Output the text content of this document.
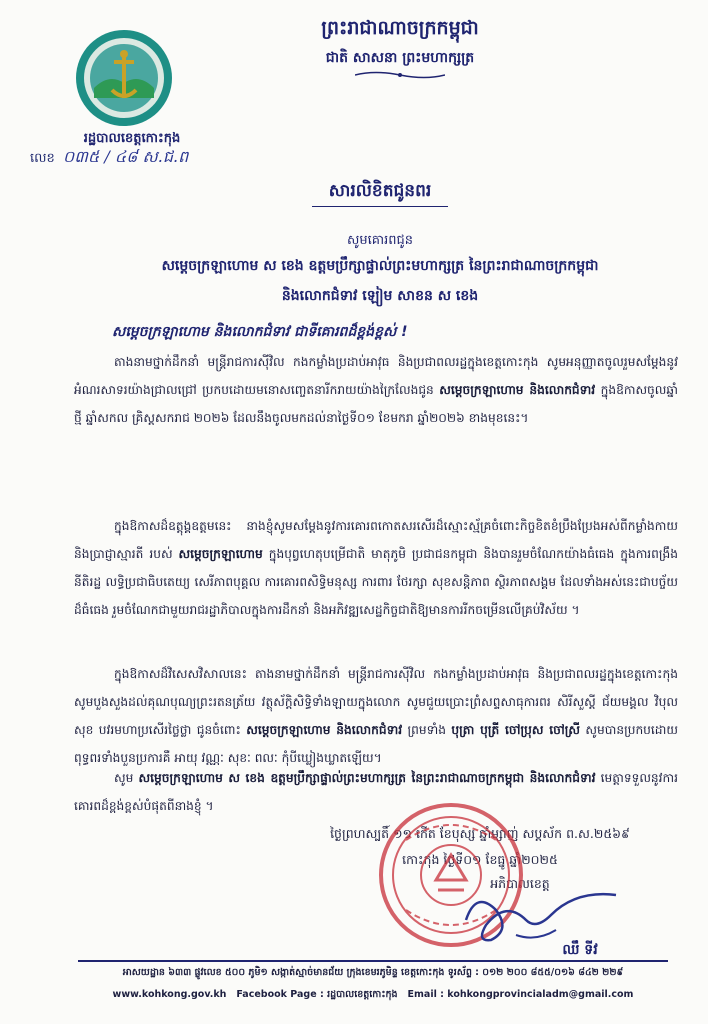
ព្រះរាជាណាចក្រកម្ពុជា
ជាតិ សាសនា ព្រះមហាក្សត្រ
រដ្ឋបាលខេត្តកោះកុង
លេខ ០៣៥ / ៤៨ ស.ជ.ព
សារលិខិតជូនពរ
សូមគោរពជូន
សម្តេចក្រឡាហោម ស ខេង ឧត្តមប្រឹក្សាផ្ទាល់ព្រះមហាក្សត្រ នៃព្រះរាជាណាចក្រកម្ពុជា
និងលោកជំទាវ ឡៀម សាខន ស ខេង
សម្តេចក្រឡាហោម និងលោកជំទាវ ជាទីគោរពដ៏ខ្ពង់ខ្ពស់ !
តាងនាមថ្នាក់ដឹកនាំ មន្ត្រីរាជការស៊ីវិល កងកម្លាំងប្រដាប់អាវុធ និងប្រជាពលរដ្ឋក្នុងខេត្តកោះកុង សូមអនុញ្ញាតចូលរួមសម្តែងនូវអំណរសាទរយ៉ាងជ្រាលជ្រៅ ប្រកបដោយមនោសញ្ចេតនារីករាយយ៉ាងក្រៃលែងជូន សម្តេចក្រឡាហោម និងលោកជំទាវ ក្នុងឱកាសចូលឆ្នាំថ្មី ឆ្នាំសកល គ្រិស្តសករាជ ២០២៦ ដែលនឹងចូលមកដល់នាថ្ងៃទី០១ ខែមករា ឆ្នាំ២០២៦ ខាងមុខនេះ។
ក្នុងឱកាសដ៏ឧត្តុង្គឧត្តមនេះ នាងខ្ញុំសូមសម្តែងនូវការគោរពកោតសរសើរដ៏ស្មោះស្ម័គ្រចំពោះកិច្ចខិតខំប្រឹងប្រែងអស់ពីកម្លាំងកាយ និងប្រាជ្ញាស្មារតី របស់ សម្តេចក្រឡាហោម ក្នុងបុព្វហេតុបម្រើជាតិ មាតុភូមិ ប្រជាជនកម្ពុជា និងបានរួមចំណែកយ៉ាងធំធេង ក្នុងការពង្រឹងនីតិរដ្ឋ លទ្ធិប្រជាធិបតេយ្យ សេរីភាពបុគ្គល ការគោរពសិទ្ធិមនុស្ស ការពារ ថែរក្សា សុខសន្តិភាព ស្ថិរភាពសង្គម ដែលទាំងអស់នេះជាបច្ច័យដ៏ធំធេង រួមចំណែកជាមួយរាជរដ្ឋាភិបាលក្នុងការដឹកនាំ និងអភិវឌ្ឍសេដ្ឋកិច្ចជាតិឱ្យមានការរីកចម្រើនលើគ្រប់វិស័យ ។
ក្នុងឱកាសដ៏វិសេសវិសាលនេះ តាងនាមថ្នាក់ដឹកនាំ មន្ត្រីរាជការស៊ីវិល កងកម្លាំងប្រដាប់អាវុធ និងប្រជាពលរដ្ឋក្នុងខេត្តកោះកុង សូមបួងសួងដល់គុណបុណ្យព្រះរតនត្រ័យ វត្ថុស័ក្តិសិទ្ធិទាំងឡាយក្នុងលោក សូមជួយប្រោះព្រំសព្ទសាធុការពរ សិរីសួស្តី ជ័យមង្គល វិបុលសុខ បវរមហាប្រសើរថ្លៃថ្លា ជូនចំពោះ សម្តេចក្រឡាហោម និងលោកជំទាវ ព្រមទាំង បុត្រា បុត្រី ចៅប្រុស ចៅស្រី សូមបានប្រកបដោយពុទ្ធពរទាំងបួនប្រការគឺ អាយុ វណ្ណៈ សុខៈ ពលៈ កុំបីឃ្លៀងឃ្លាតឡើយ។
សូម សម្តេចក្រឡាហោម ស ខេង ឧត្តមប្រឹក្សាផ្ទាល់ព្រះមហាក្សត្រ នៃព្រះរាជាណាចក្រកម្ពុជា និងលោកជំទាវ មេត្តាទទួលនូវការគោរពដ៏ខ្ពង់ខ្ពស់បំផុតពីនាងខ្ញុំ ។
ថ្ងៃព្រហស្បតិ៍ ១១ កើត ខែបុស្ស ឆ្នាំម្សាញ់ សប្តស័ក ព.ស.២៥៦៩
កោះកុង ថ្ងៃទី០១ ខែធ្នូ ឆ្នាំ២០២៥
អភិបាលខេត្ត
ឈឹ ទីវ
អាសយដ្ឋាន ៦៣៣ ផ្លូវលេខ ៥០០ ភូមិ១ សង្កាត់ស្មាច់មានជ័យ ក្រុងខេមរភូមិន្ទ ខេត្តកោះកុង ទូរស័ព្ទ : ០១២ ២០០ ៨៥៥/០១៦ ៨៤២ ២២៩
www.kohkong.gov.kh Facebook Page : រដ្ឋបាលខេត្តកោះកុង Email : kohkongprovincialadm@gmail.com
